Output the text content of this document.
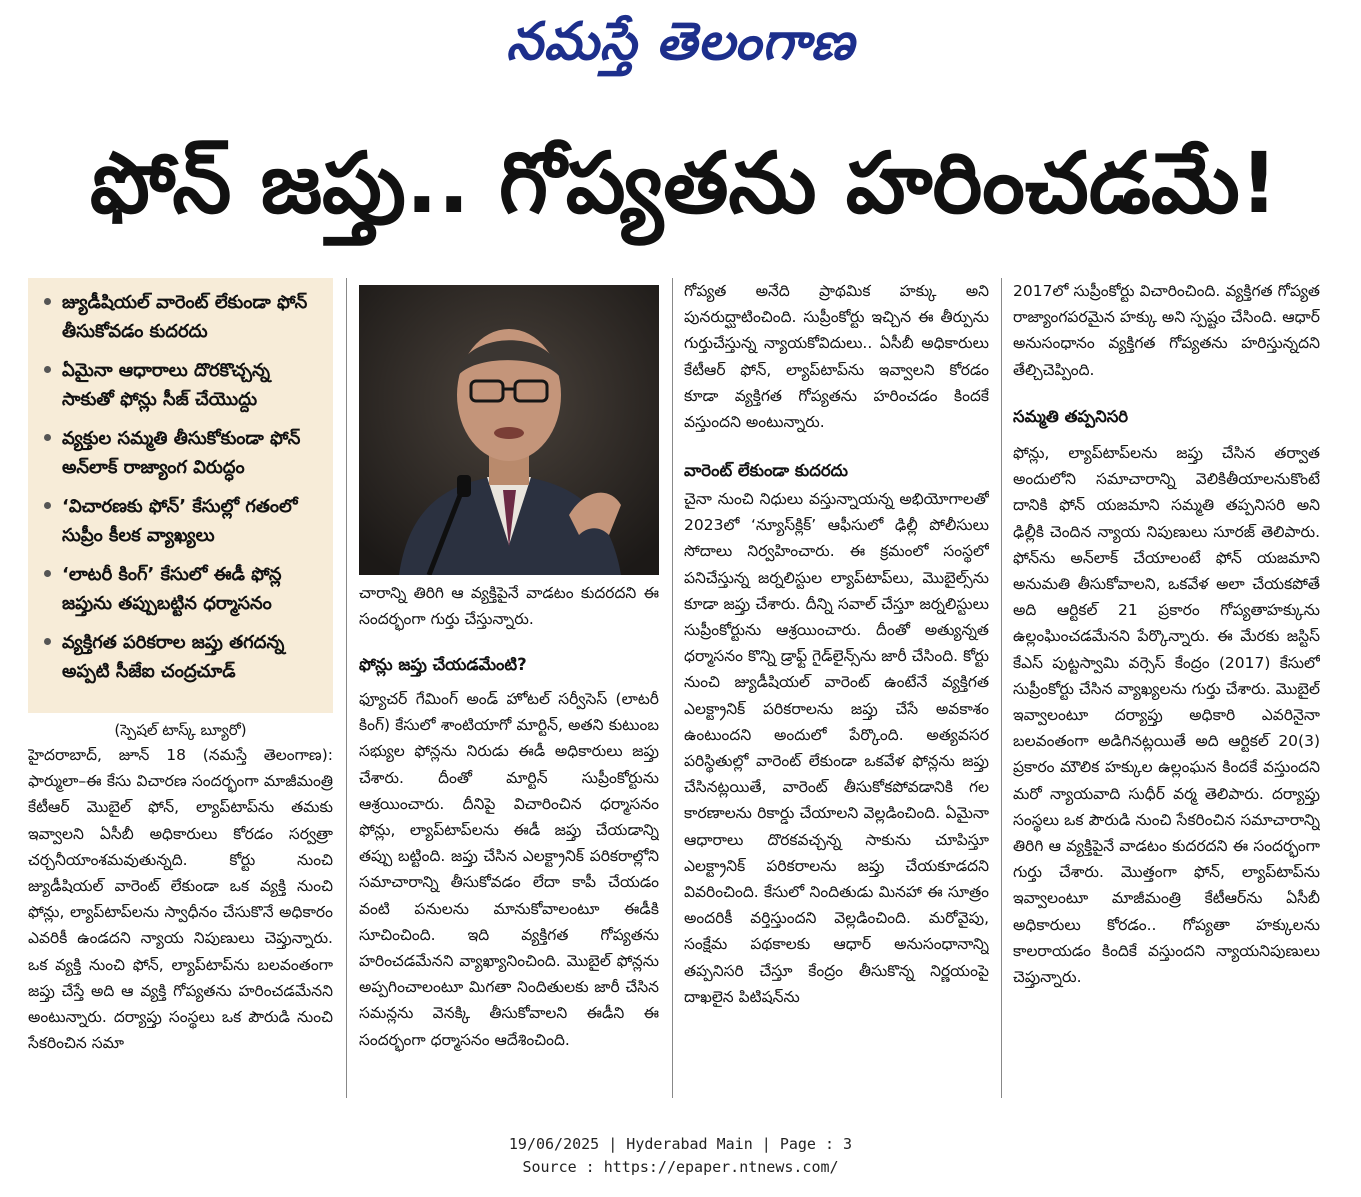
నమస్తే తెలంగాణ
ఫోన్ జప్తు.. గోప్యతను హరించడమే!
జ్యుడీషియల్ వారెంట్ లేకుండా ఫోన్ తీసుకోవడం కుదరదు
ఏమైనా ఆధారాలు దొరకొచ్చన్న సాకుతో ఫోన్లు సీజ్ చేయొద్దు
వ్యక్తుల సమ్మతి తీసుకోకుండా ఫోన్ అన్‌లాక్ రాజ్యాంగ విరుద్ధం
‘విచారణకు ఫోన్’ కేసుల్లో గతంలో సుప్రీం కీలక వ్యాఖ్యలు
‘లాటరీ కింగ్’ కేసులో ఈడీ ఫోన్ల జప్తును తప్పుబట్టిన ధర్మాసనం
వ్యక్తిగత పరికరాల జప్తు తగదన్న అప్పటి సీజేఐ చంద్రచూడ్
(స్పెషల్ టాస్క్ బ్యూరో)
హైదరాబాద్, జూన్ 18 (నమస్తే తెలంగాణ): ఫార్ములా–ఈ కేసు విచారణ సందర్భంగా మాజీమంత్రి కేటీఆర్ మొబైల్ ఫోన్, ల్యాప్‌టాప్‌ను తమకు ఇవ్వాలని ఏసీబీ అధికారులు కోరడం సర్వత్రా చర్చనీయాంశమవుతున్నది. కోర్టు నుంచి జ్యుడీషియల్ వారెంట్ లేకుండా ఒక వ్యక్తి నుంచి ఫోన్లు, ల్యాప్‌టాప్‌లను స్వాధీనం చేసుకొనే అధికారం ఎవరికీ ఉండదని న్యాయ నిపుణులు చెప్తున్నారు. ఒక వ్యక్తి నుంచి ఫోన్, ల్యాప్‌టాప్‌ను బలవంతంగా జప్తు చేస్తే అది ఆ వ్యక్తి గోప్యతను హరించడమేనని అంటున్నారు. దర్యాప్తు సంస్థలు ఒక పౌరుడి నుంచి సేకరించిన సమా
చారాన్ని తిరిగి ఆ వ్యక్తిపైనే వాడటం కుదరదని ఈ సందర్భంగా గుర్తు చేస్తున్నారు.
ఫోన్లు జప్తు చేయడమేంటి?
ఫ్యూచర్ గేమింగ్ అండ్ హోటల్ సర్వీసెస్ (లాటరీ కింగ్) కేసులో శాంటియాగో మార్టిన్, అతని కుటుంబ సభ్యుల ఫోన్లను నిరుడు ఈడీ అధికారులు జప్తు చేశారు. దీంతో మార్టిన్ సుప్రీంకోర్టును ఆశ్రయించారు. దీనిపై విచారించిన ధర్మాసనం ఫోన్లు, ల్యాప్‌టాప్‌లను ఈడీ జప్తు చేయడాన్ని తప్పు బట్టింది. జప్తు చేసిన ఎలక్ట్రానిక్ పరికరాల్లోని సమాచారాన్ని తీసుకోవడం లేదా కాపీ చేయడం వంటి పనులను మానుకోవాలంటూ ఈడీకి సూచించింది. ఇది వ్యక్తిగత గోప్యతను హరించడమేనని వ్యాఖ్యానించింది. మొబైల్ ఫోన్లను అప్పగించాలంటూ మిగతా నిందితులకు జారీ చేసిన సమన్లను వెనక్కి తీసుకోవాలని ఈడీని ఈ సందర్భంగా ధర్మాసనం ఆదేశించింది.
గోప్యత అనేది ప్రాథమిక హక్కు అని పునరుద్ఘాటించింది. సుప్రీంకోర్టు ఇచ్చిన ఈ తీర్పును గుర్తుచేస్తున్న న్యాయకోవిదులు.. ఏసీబీ అధికారులు కేటీఆర్ ఫోన్, ల్యాప్‌టాప్‌ను ఇవ్వాలని కోరడం కూడా వ్యక్తిగత గోప్యతను హరించడం కిందకే వస్తుందని అంటున్నారు.
వారెంట్ లేకుండా కుదరదు
చైనా నుంచి నిధులు వస్తున్నాయన్న అభియోగాలతో 2023లో ‘న్యూస్‌క్లిక్’ ఆఫీసులో ఢిల్లీ పోలీసులు సోదాలు నిర్వహించారు. ఈ క్రమంలో సంస్థలో పనిచేస్తున్న జర్నలిస్టుల ల్యాప్‌టాప్‌లు, మొబైల్స్‌ను కూడా జప్తు చేశారు. దీన్ని సవాల్ చేస్తూ జర్నలిస్టులు సుప్రీంకోర్టును ఆశ్రయించారు. దీంతో అత్యున్నత ధర్మాసనం కొన్ని డ్రాఫ్ట్ గైడ్‌లైన్స్‌ను జారీ చేసింది. కోర్టు నుంచి జ్యుడీషియల్ వారెంట్ ఉంటేనే వ్యక్తిగత ఎలక్ట్రానిక్ పరికరాలను జప్తు చేసే అవకాశం ఉంటుందని అందులో పేర్కొంది. అత్యవసర పరిస్థితుల్లో వారెంట్ లేకుండా ఒకవేళ ఫోన్లను జప్తు చేసినట్లయితే, వారెంట్ తీసుకోకపోవడానికి గల కారణాలను రికార్డు చేయాలని వెల్లడించింది. ఏమైనా ఆధారాలు దొరకవచ్చన్న సాకును చూపిస్తూ ఎలక్ట్రానిక్ పరికరాలను జప్తు చేయకూడదని వివరించింది. కేసులో నిందితుడు మినహా ఈ సూత్రం అందరికీ వర్తిస్తుందని వెల్లడించింది. మరోవైపు, సంక్షేమ పథకాలకు ఆధార్ అనుసంధానాన్ని తప్పనిసరి చేస్తూ కేంద్రం తీసుకొన్న నిర్ణయంపై దాఖలైన పిటిషన్‌ను
2017లో సుప్రీంకోర్టు విచారించింది. వ్యక్తిగత గోప్యత రాజ్యాంగపరమైన హక్కు అని స్పష్టం చేసింది. ఆధార్ అనుసంధానం వ్యక్తిగత గోప్యతను హరిస్తున్నదని తేల్చిచెప్పింది.
సమ్మతి తప్పనిసరి
ఫోన్లు, ల్యాప్‌టాప్‌లను జప్తు చేసిన తర్వాత అందులోని సమాచారాన్ని వెలికితీయాలనుకొంటే దానికి ఫోన్ యజమాని సమ్మతి తప్పనిసరి అని ఢిల్లీకి చెందిన న్యాయ నిపుణులు సూరజ్ తెలిపారు. ఫోన్‌ను అన్‌లాక్ చేయాలంటే ఫోన్ యజమాని అనుమతి తీసుకోవాలని, ఒకవేళ అలా చేయకపోతే అది ఆర్టికల్ 21 ప్రకారం గోప్యతాహక్కును ఉల్లంఘించడమేనని పేర్కొన్నారు. ఈ మేరకు జస్టిస్ కేఎస్ పుట్టస్వామి వర్సెస్ కేంద్రం (2017) కేసులో సుప్రీంకోర్టు చేసిన వ్యాఖ్యలను గుర్తు చేశారు. మొబైల్ ఇవ్వాలంటూ దర్యాప్తు అధికారి ఎవరినైనా బలవంతంగా అడిగినట్లయితే అది ఆర్టికల్ 20(3) ప్రకారం మౌలిక హక్కుల ఉల్లంఘన కిందకే వస్తుందని మరో న్యాయవాది సుధీర్ వర్మ తెలిపారు. దర్యాప్తు సంస్థలు ఒక పౌరుడి నుంచి సేకరించిన సమాచారాన్ని తిరిగి ఆ వ్యక్తిపైనే వాడటం కుదరదని ఈ సందర్భంగా గుర్తు చేశారు. మొత్తంగా ఫోన్, ల్యాప్‌టాప్‌ను ఇవ్వాలంటూ మాజీమంత్రి కేటీఆర్‌ను ఏసీబీ అధికారులు కోరడం.. గోప్యతా హక్కులను కాలరాయడం కిందికే వస్తుందని న్యాయనిపుణులు చెప్తున్నారు.
19/06/2025 | Hyderabad Main | Page : 3
Source : https://epaper.ntnews.com/
